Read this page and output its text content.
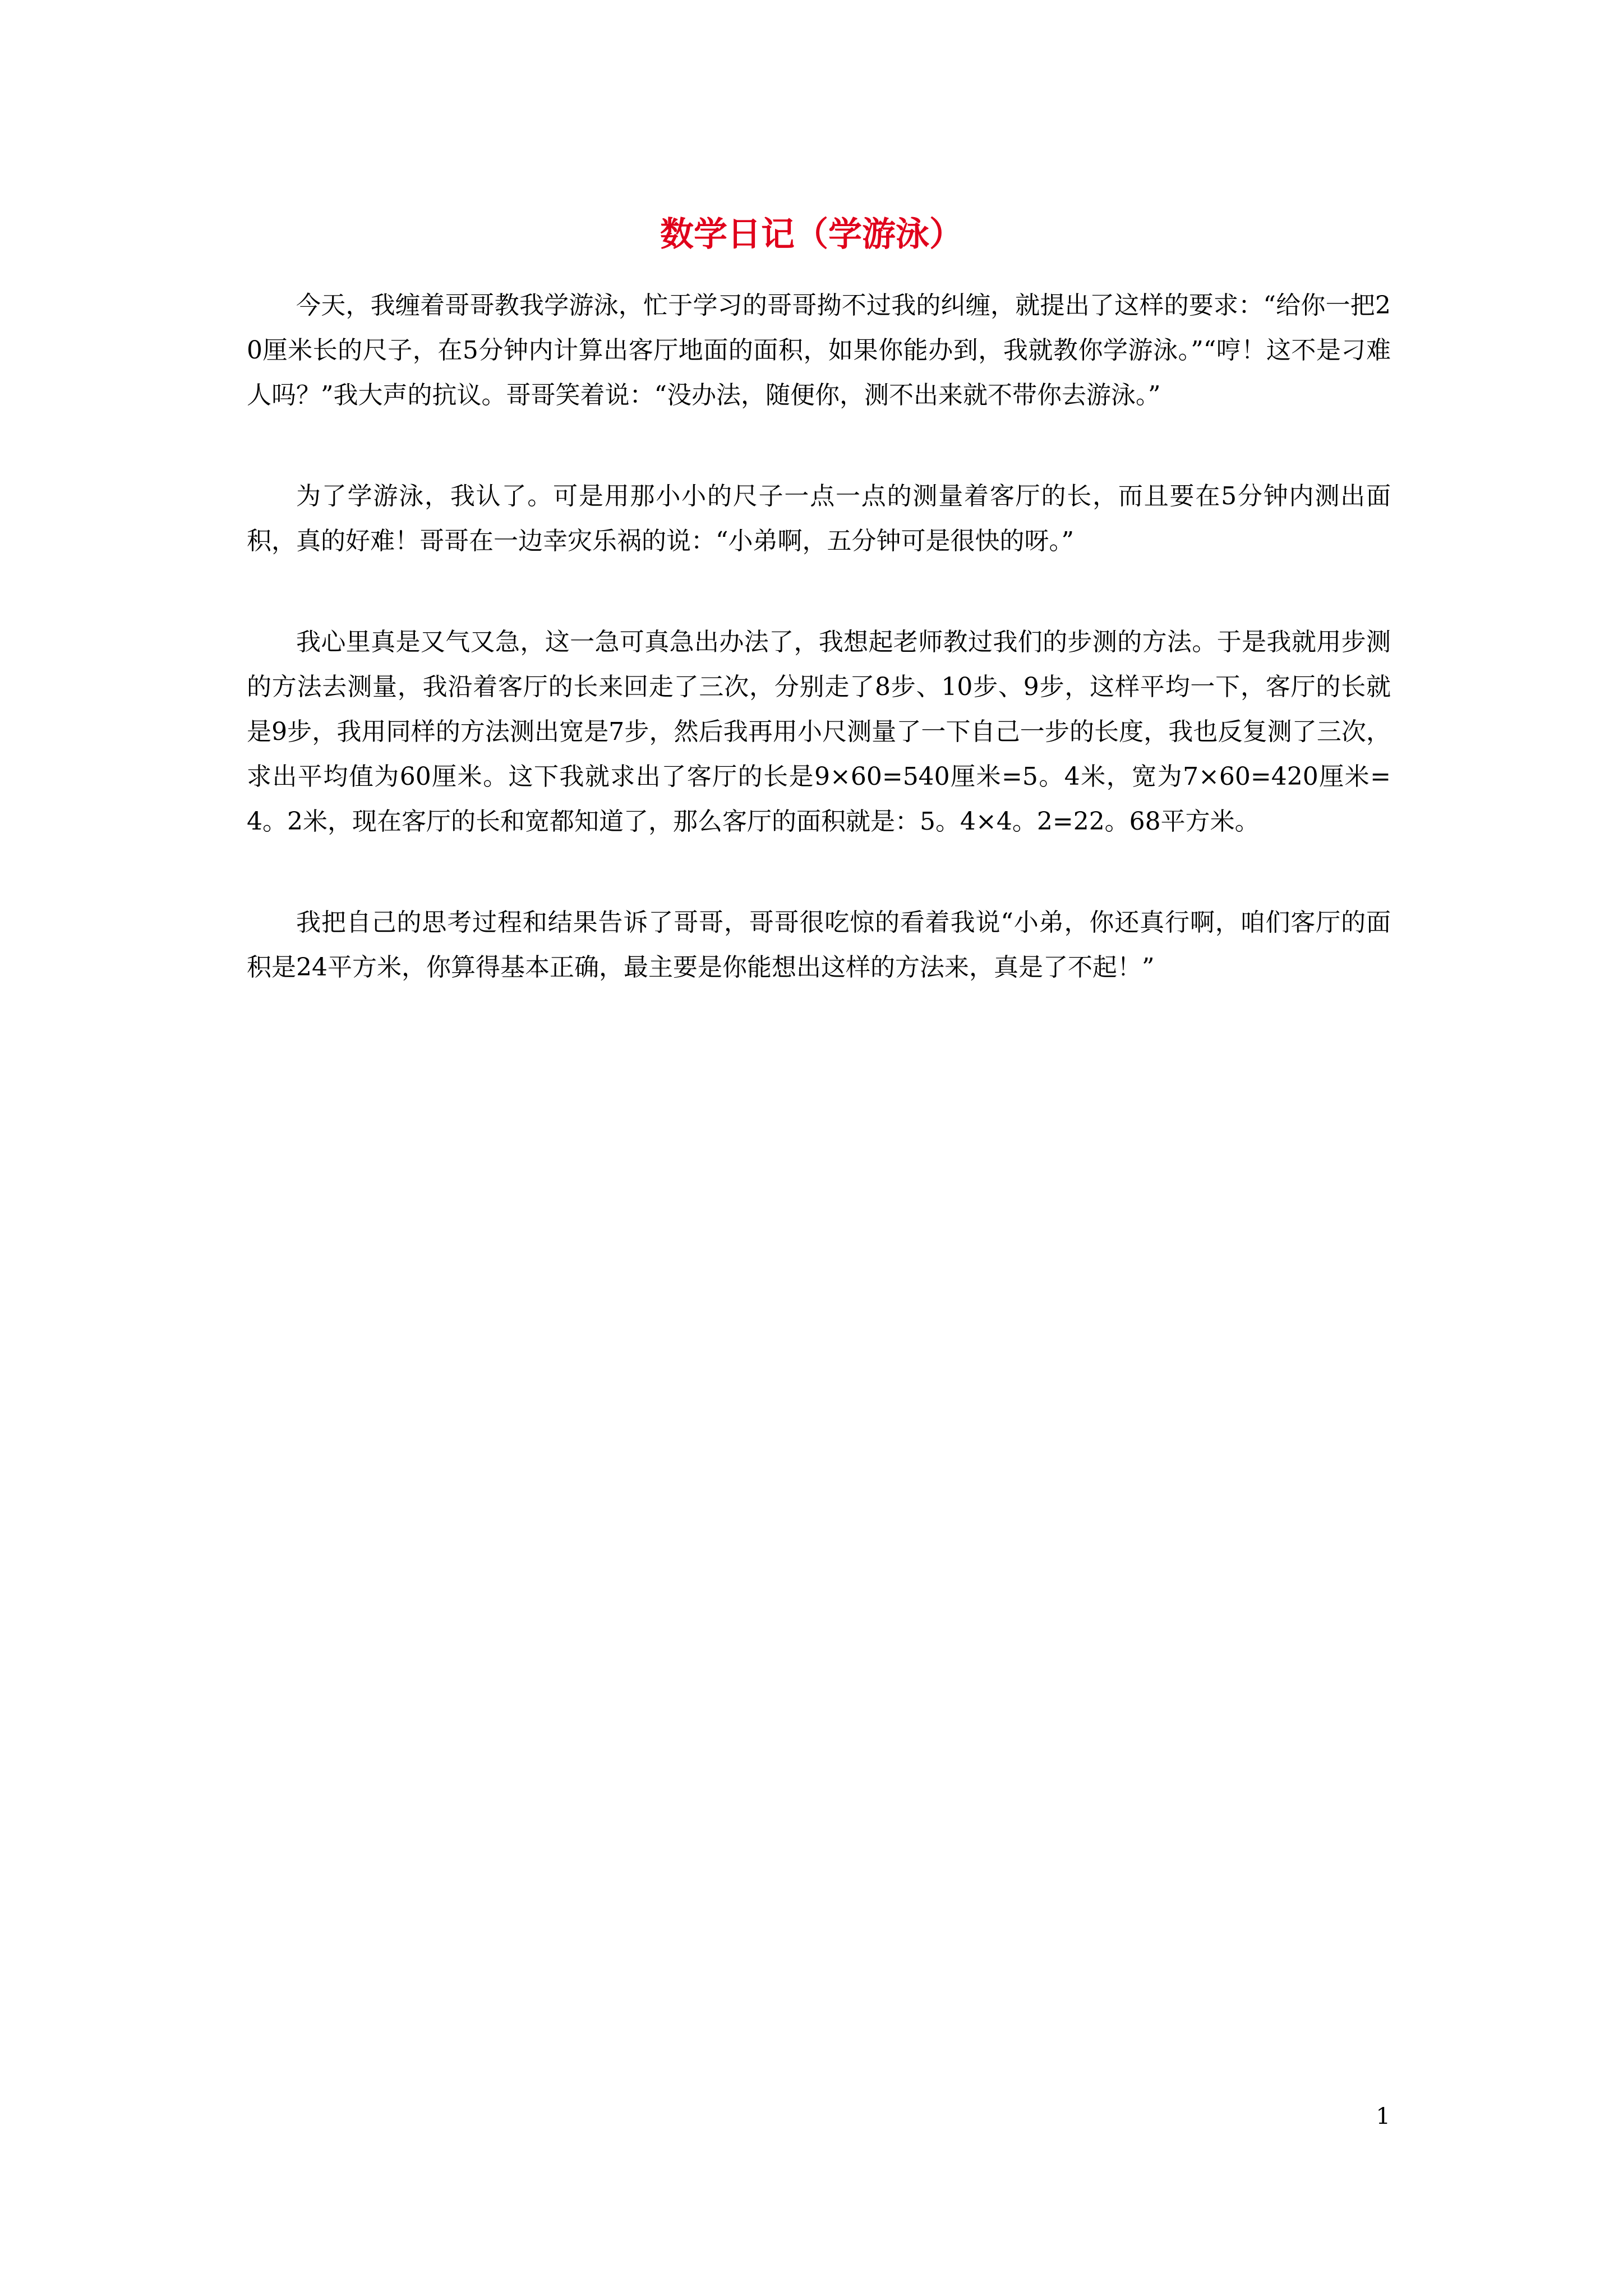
数学日记（学游泳）

今天，我缠着哥哥教我学游泳，忙于学习的哥哥拗不过我的纠缠，就提出了这样的要求：“给你一把20厘米长的尺子，在5分钟内计算出客厅地面的面积，如果你能办到，我就教你学游泳。”“哼！这不是刁难人吗？”我大声的抗议。哥哥笑着说：“没办法，随便你，测不出来就不带你去游泳。”

为了学游泳，我认了。可是用那小小的尺子一点一点的测量着客厅的长，而且要在5分钟内测出面积，真的好难！哥哥在一边幸灾乐祸的说：“小弟啊，五分钟可是很快的呀。”

我心里真是又气又急，这一急可真急出办法了，我想起老师教过我们的步测的方法。于是我就用步测的方法去测量，我沿着客厅的长来回走了三次，分别走了8步、10步、9步，这样平均一下，客厅的长就是9步，我用同样的方法测出宽是7步，然后我再用小尺测量了一下自己一步的长度，我也反复测了三次，求出平均值为60厘米。这下我就求出了客厅的长是9×60=540厘米=5。4米，宽为7×60=420厘米=4。2米，现在客厅的长和宽都知道了，那么客厅的面积就是：5。4×4。2=22。68平方米。

我把自己的思考过程和结果告诉了哥哥，哥哥很吃惊的看着我说“小弟，你还真行啊，咱们客厅的面积是24平方米，你算得基本正确，最主要是你能想出这样的方法来，真是了不起！”

1
